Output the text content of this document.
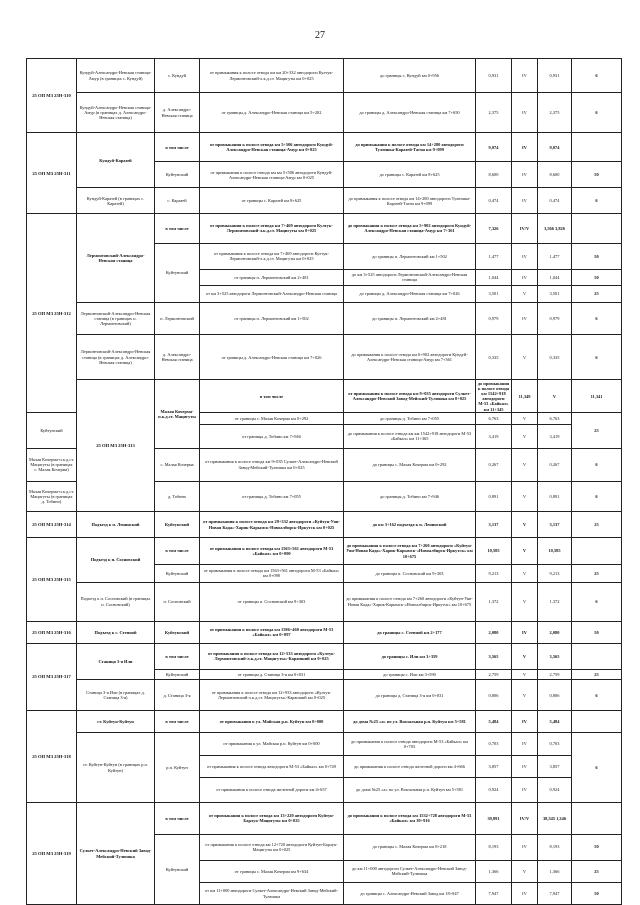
27
25 ОП МЗ 25Н-310	Кундуй-Александро-Невская станица-Амур (в границах с. Кундуй)	с. Кундуй	от примыкания к полосе отвода км км 20+332 автодороги Култук-Лермонтовский-л.к.д.ст. Мацигуты км 0+025	до границы с. Кундуй км 0+956	0,931	IV	0,931	6	
	Кундуй-Александро-Невская станица-Амур (в границах д. Александро-Невская станица)	д. Александро-Невская станица	от границы д. Александро-Невская станица км 5+202	до границы д. Александро-Невская станица км 7+650	2,375	IV	2,375	6	
25 ОП МЗ 25Н-311	Кундуй-Каразей	в том числе	от примыкания к полосе отвода км 5+506 автодороги Кундуй-Александро-Невская станица-Амур км 0+025	до примыкания к полосе отвода км 14+280 автодороги Тулюшка-Каразей-Тагна км 9+099	9,074	IV	9,074		
		Куйтунский	от примыкания к полосе отвода км км 5+506 автодороги Кундуй-Александро-Невская станица-Амур км 0+025	до границы с. Каразей км 8+625	8,600	IV	8,600	50	
	Кундуй-Каразей (в границах с. Каразей)	с. Каразей	от границы с. Каразей км 8+625	до примыкания к полосе отвода км 14+280 автодороги Тулюшка-Каразей-Тагна км 9+099	0,474	IV	0,474	6	
25 ОП МЗ 25Н-312	Лермонтовский-Александро-Невская станица	в том числе	от примыкания к полосе отвода км 7+469 автодороги Култук-Лермонтовский-л.к.д.ст. Мацигуты км 0+025	до примыкания к полосе отвода км 5+902 автодороги Кундуй-Александро-Невская станица-Амур км 7+361	7,326	IV/V	3,566 3,826		
		Куйтунский	от примыкания к полосе отвода км 7+469 автодороги Култук-Лермонтовский-л.к.д.ст. Мацигуты км 0+025	до границы п. Лермонтовский км 1+502	1,477	IV	1,477	50	
			от границы п. Лермонтовский км 2+481	до км 3+525 автодороги Лермонтовский-Александро-Невская станица	1,044	IV	1,044	50	
			от км 3+525 автодороги Лермонтовский-Александро-Невская станица	до границы д. Александро-Невская станица км 7+026	3,501	V	3,501	25	
	Лермонтовский-Александро-Невская станица (в границах п. Лермонтовский)	п. Лермонтовский	от границы п. Лермонтовский км 1+502	до границы п. Лермонтовский км 2+481	0,979	IV	0,979	6	
	Лермонтовский-Александро-Невская станица (в границах д. Александро-Невская станица)	д. Александро-Невская станица	от границы д. Александро-Невская станица км 7+026	до примыкания к полосе отвода км 6+902 автодороги Кундуй-Александро-Невская станица-Амур км 7+361	0,335	V	0,335	6	
	25 ОП МЗ 25Н-313	Малая Кочерма-п.к.д.ст. Мацигуты	в том числе	от примыкания к полосе отвода км 9+035 автодороги Сулкет-Александро-Невский Завод-Мейский-Тулюшка км 0+025	до примыкания к полосе отвода км 1542+918 автодороги М-53 «Байкал» км 11+345	11,349	V	11,341	
Куйтунский			от границы с. Малая Кочерма км 0+292	до границы д. Тобино км 7+055	6,763	V	6,763	25	
			от границы д. Тобино км 7+946	до примыкания к полосе отвода км км 1542+918 автодороги М-53 «Байкал» км 11+365	3,419	V	3,419		
Малая Кочерма-п.к.д.ст. Мацигуты (в границах с. Малая Кочерма)		с. Малая Кочерма	от примыкания к полосе отвода км 9+035 Сулкет-Александро-Невский Завод-Мейский-Тулюшка км 0+025	до границы с. Малая Кочерма км 0+292	0,267	V	0,267	6	
Малая Кочерма-п.к.д.ст. Мацигуты (в границах д. Тобино)		д. Тобино	от границы д. Тобино км 7+055	до границы д. Тобино км 7+946	0,891	V	0,891	6	
25 ОП МЗ 25Н-314	Подъезд к п. Ленинский	Куйтунский	от примыкания к полосе отвода км 29+332 автодороги «Куйтун-Уян-Новая Када»-Харик-Карымск-Новоалбирск-Иркутск км 0+025	до км 3+162 подъезда к п. Ленинский	3,137	V	3,137	25	
25 ОП МЗ 25Н-315	Подъезд к п. Сосновский	в том числе	от примыкания к полосе отвода км 1563+561 автодороги М-53 «Байкал» км 0+090	до примыкания к полосе отвода км 7+260 автодороги «Куйтун-Уян-Новая Када»-Харик-Карымск-«Новоалбирск-Иркутск» км 10+675	10,585	V	10,585		
		Куйтунский	от примыкания к полосе отвода км 1563+561 автодороги М-53 «Байкал» км 0+090	до границы п. Сосновский км 9+303	9,213	V	9,213	25	
	Подъезд к п. Сосновский (в границах п. Сосновский)	п. Сосновский	от границы п. Сосновский км 9+303	до примыкания к полосе отвода км 7+260 автодороги «Куйтун-Уян-Новая Када»-Харик-Карымск-«Новоалбирск-Иркутск» км 10+675	1,372	V	1,372	6	
25 ОП МЗ 25Н-316	Подъезд к с. Степной	Куйтунский	от примыкания к полосе отвода км 1586+460 автодороги М-53 «Байкал» км 0+097	до границы с. Степной км 2+177	2,080	IV	2,080	50	
25 ОП МЗ 25Н-317	Станица 3-я Или	в том числе	от примыкания к полосе отвода км 12+533 автодороги «Култук-Лермонтовский-л.к.д.ст. Мацигуты»-Карапший км 0+025	до границы с. Или км 3+359	3,565	V	3,565		
		Куйтунский	от границы д. Станица 3-я км 0+831	до границы с. Или км 3+590	2,759	V	2,759	25	
	Станица 3-я Или (в границах д. Станица 3-я)	д. Станица 3-я	от примыкания к полосе отвода км 12+933 автодороги «Култук-Лермонтовский-л.к.д.ст. Мацигуты»-Карапший км 0+025	до границы д. Станица 3-я км 0+831	0,806	V	0,806	6	
25 ОП МЗ 25Н-318	ст. Куйтун-Куйтун	в том числе	от примыкания к ул. Майская р.п. Куйтун км 0+000	до дома №25 «а» по ул. Вокзальная р.п. Куйтун км 5+581	5,484	IV	5,484		
	ст. Куйтун-Куйтун (в границах р.п. Куйтун)	р.п. Куйтун	от примыкания к ул. Майская р.п. Куйтун км 0+000	до примыкания к полосе отвода автодороги М-53 «Байкал» км 0+703	0,703	IV	0,703	6	
			от примыкания к полосе отвода автодороги М-53 «Байкал» км 0+749	до примыкания к полосе отвода железной дороги км 4+666	3,857	IV	3,857		
			от примыкания к полосе отвода железной дороги км 4+657	до дома №25 «а» по ул. Вокзальная р.п. Куйтун км 5+581	0,924	IV	0,924		
25 ОП МЗ 25Н-319	Сулкет-Александро-Невский Завод-Мейский-Тулюшка	в том числе	от примыкания к полосе отвода км 13+220 автодороги Куйтун-Барлук-Мацигуты км 0+025	до примыкания к полосе отвода км 1532+728 автодороги М-53 «Байкал» км 39+916	39,891	IV/V	38,545 1,346		
		Куйтунский	от примыкания к полосе отвода км 12+720 автодороги Куйтун-Барлук-Мацигуты км 0+025	до границы с. Малая Кочерма км 8+218	8,193	IV	8,193	50	
			от границы с. Малая Кочерма км 9+634	до км 11+000 автодороги Сулкет-Александро-Невский Завод-Мейский-Тулюшка	1,366	V	1,366	25	
			от км 11+000 автодороги Сулкет-Александро-Невский Завод-Мейский-Тулюшка	до границы с. Александро-Невский Завод км 18+947	7,947	IV	7,947	50	
